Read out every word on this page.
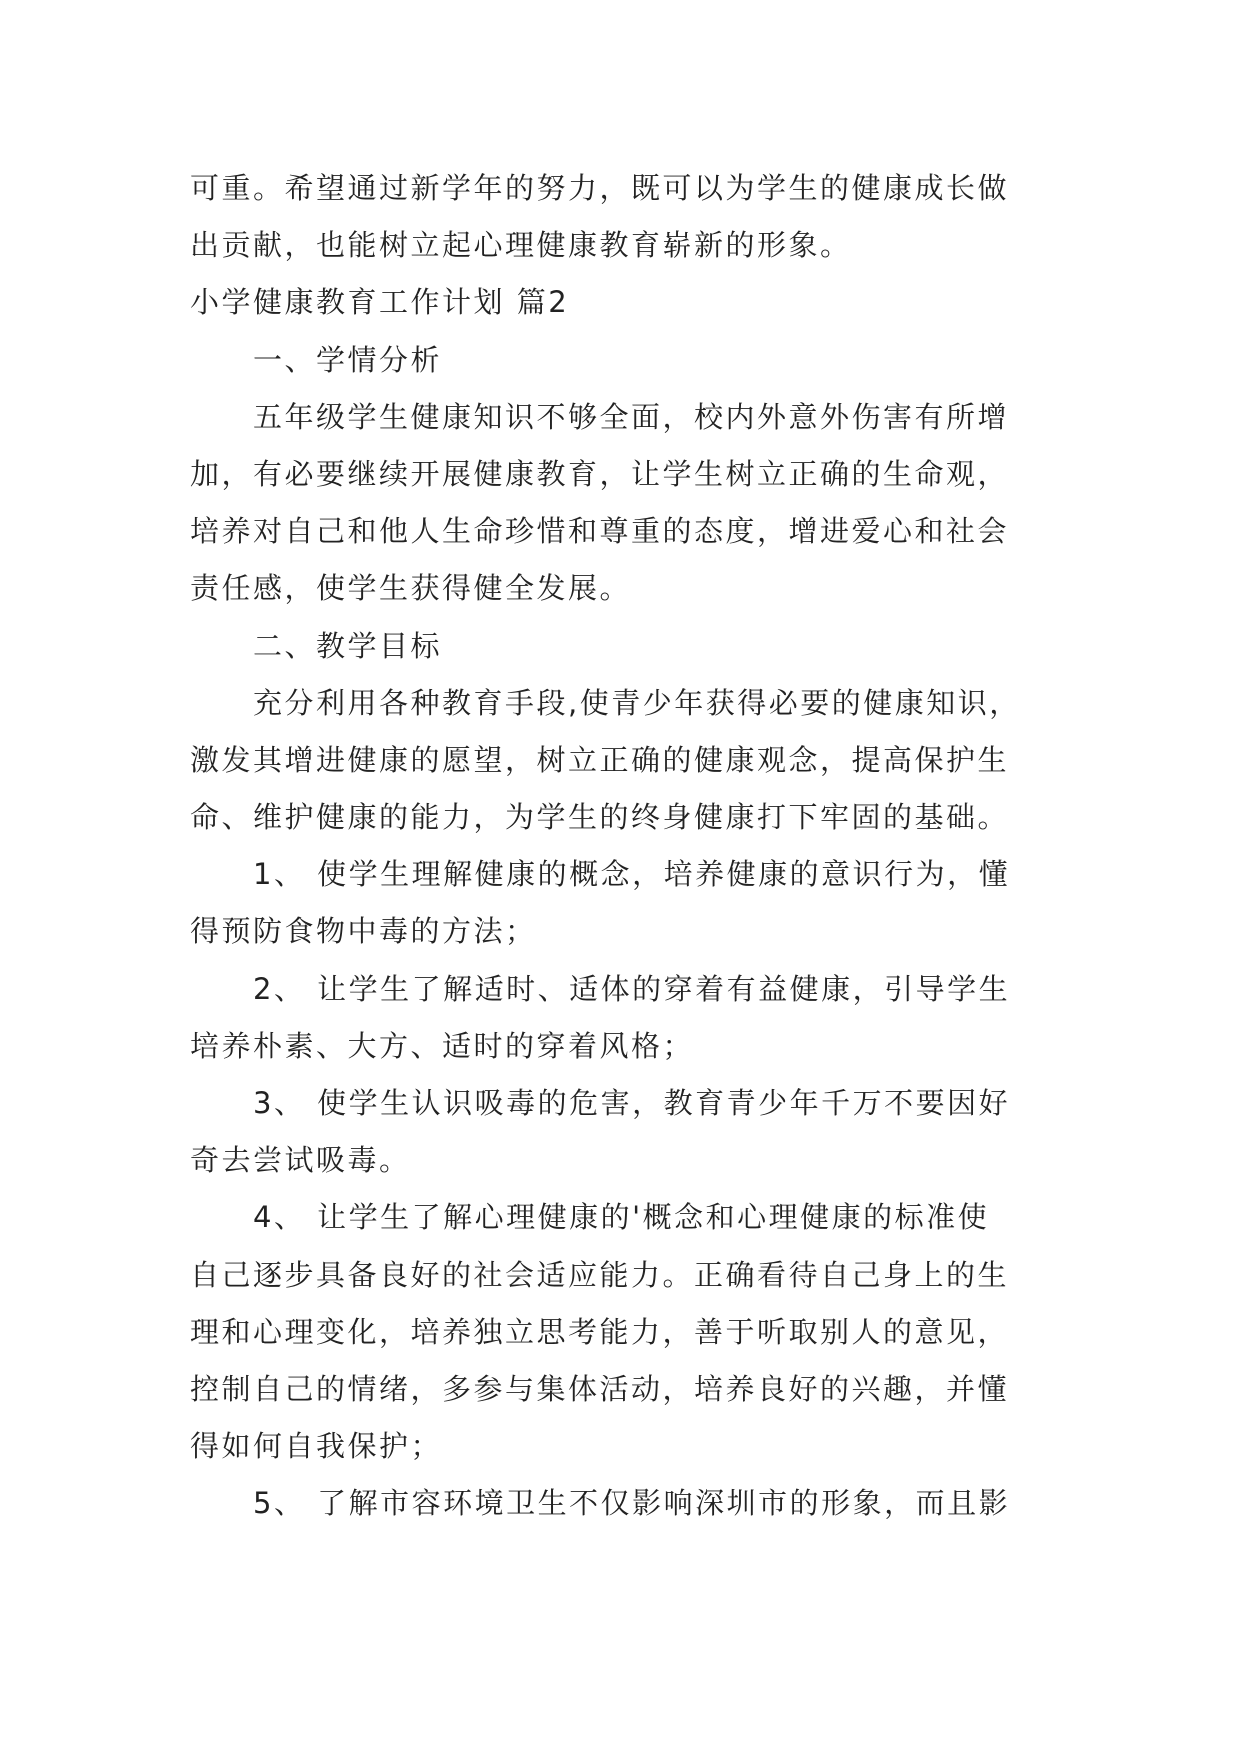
可重。希望通过新学年的努力，既可以为学生的健康成长做
出贡献，也能树立起心理健康教育崭新的形象。
小学健康教育工作计划 篇2
一、学情分析
五年级学生健康知识不够全面，校内外意外伤害有所增
加，有必要继续开展健康教育，让学生树立正确的生命观，
培养对自己和他人生命珍惜和尊重的态度，增进爱心和社会
责任感，使学生获得健全发展。
二、教学目标
充分利用各种教育手段,使青少年获得必要的健康知识，
激发其增进健康的愿望，树立正确的健康观念，提高保护生
命、维护健康的能力，为学生的终身健康打下牢固的基础。
1、 使学生理解健康的概念，培养健康的意识行为，懂
得预防食物中毒的方法；
2、 让学生了解适时、适体的穿着有益健康，引导学生
培养朴素、大方、适时的穿着风格；
3、 使学生认识吸毒的危害，教育青少年千万不要因好
奇去尝试吸毒。
4、 让学生了解心理健康的'概念和心理健康的标准使
自己逐步具备良好的社会适应能力。正确看待自己身上的生
理和心理变化，培养独立思考能力，善于听取别人的意见，
控制自己的情绪，多参与集体活动，培养良好的兴趣，并懂
得如何自我保护；
5、 了解市容环境卫生不仅影响深圳市的形象，而且影
